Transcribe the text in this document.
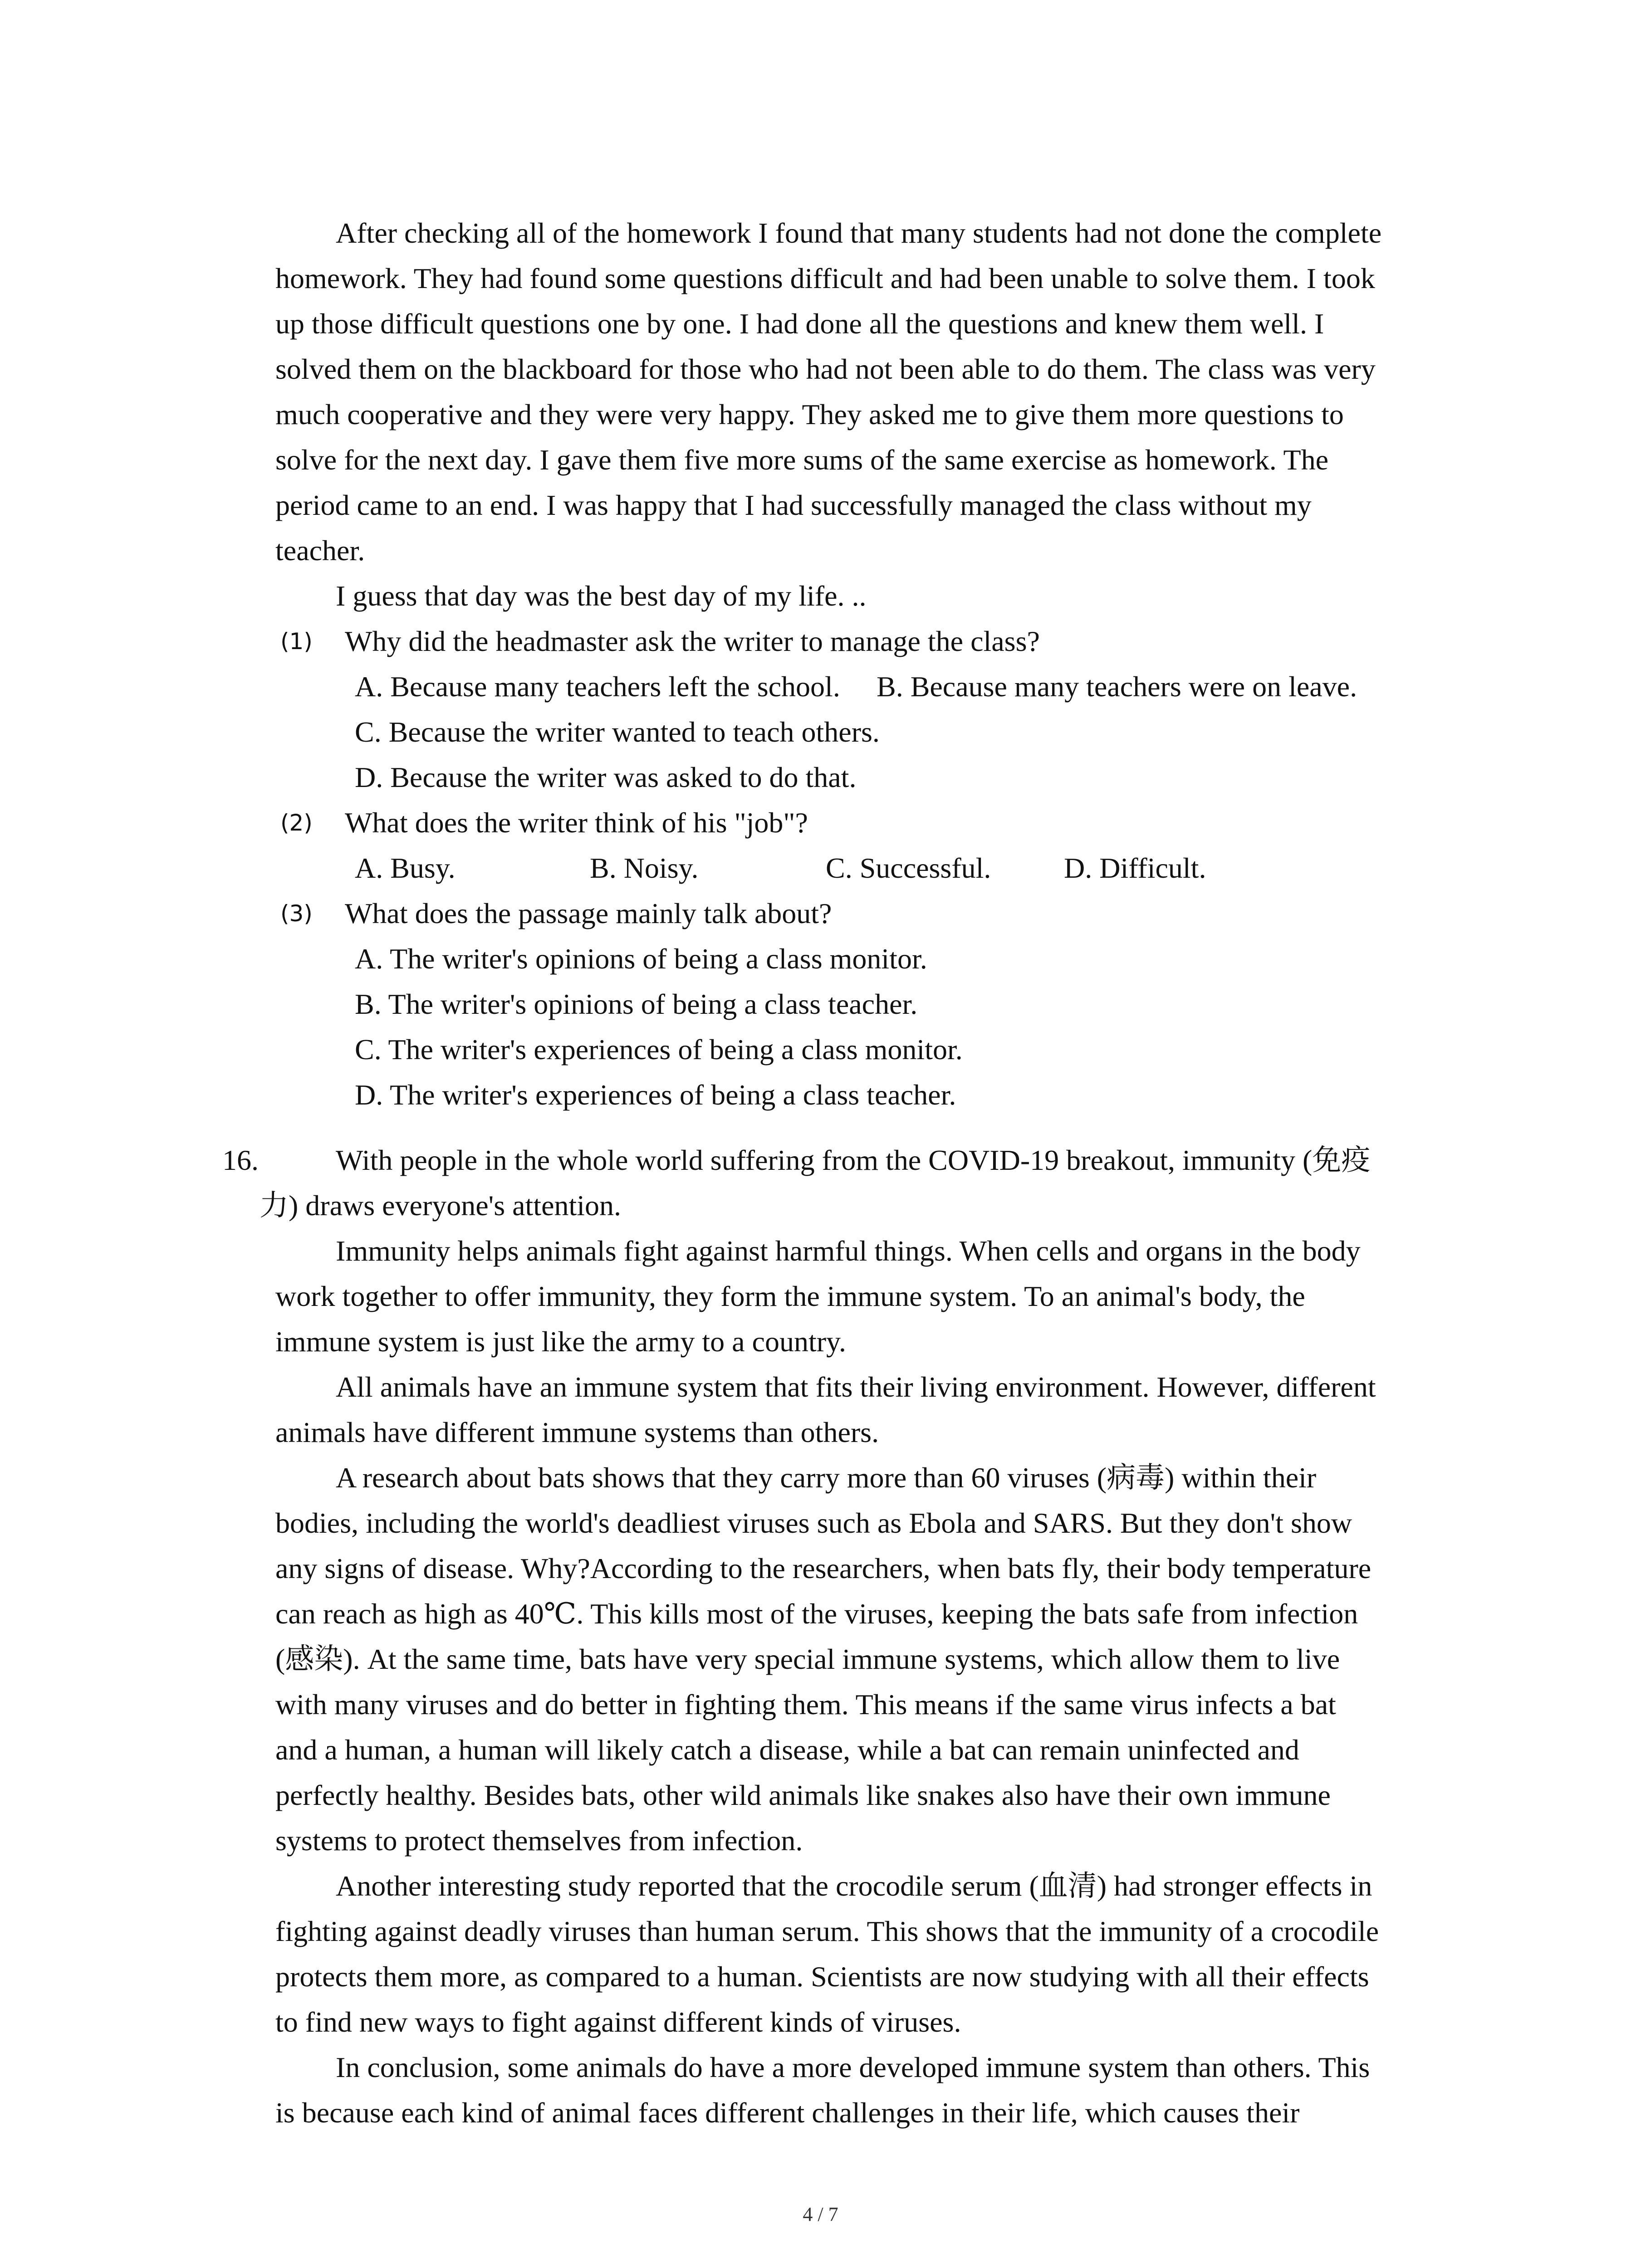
After checking all of the homework I found that many students had not done the complete
homework. They had found some questions difficult and had been unable to solve them. I took
up those difficult questions one by one. I had done all the questions and knew them well. I
solved them on the blackboard for those who had not been able to do them. The class was very
much cooperative and they were very happy. They asked me to give them more questions to
solve for the next day. I gave them five more sums of the same exercise as homework. The
period came to an end. I was happy that I had successfully managed the class without my
teacher.
I guess that day was the best day of my life. ..
(1) Why did the headmaster ask the writer to manage the class?
A. Because many teachers left the school. B. Because many teachers were on leave.
C. Because the writer wanted to teach others.
D. Because the writer was asked to do that.
(2) What does the writer think of his "job"?
A. Busy.	B. Noisy.	C. Successful.	D. Difficult.
(3) What does the passage mainly talk about?
A. The writer's opinions of being a class monitor.
B. The writer's opinions of being a class teacher.
C. The writer's experiences of being a class monitor.
D. The writer's experiences of being a class teacher.
16.	With people in the whole world suffering from the COVID-19 breakout, immunity (免疫
力) draws everyone's attention.
Immunity helps animals fight against harmful things. When cells and organs in the body
work together to offer immunity, they form the immune system. To an animal's body, the
immune system is just like the army to a country.
All animals have an immune system that fits their living environment. However, different
animals have different immune systems than others.
A research about bats shows that they carry more than 60 viruses (病毒) within their
bodies, including the world's deadliest viruses such as Ebola and SARS. But they don't show
any signs of disease. Why?According to the researchers, when bats fly, their body temperature
can reach as high as 40℃. This kills most of the viruses, keeping the bats safe from infection
(感染). At the same time, bats have very special immune systems, which allow them to live
with many viruses and do better in fighting them. This means if the same virus infects a bat
and a human, a human will likely catch a disease, while a bat can remain uninfected and
perfectly healthy. Besides bats, other wild animals like snakes also have their own immune
systems to protect themselves from infection.
Another interesting study reported that the crocodile serum (血清) had stronger effects in
fighting against deadly viruses than human serum. This shows that the immunity of a crocodile
protects them more, as compared to a human. Scientists are now studying with all their effects
to find new ways to fight against different kinds of viruses.
In conclusion, some animals do have a more developed immune system than others. This
is because each kind of animal faces different challenges in their life, which causes their
4 / 7
